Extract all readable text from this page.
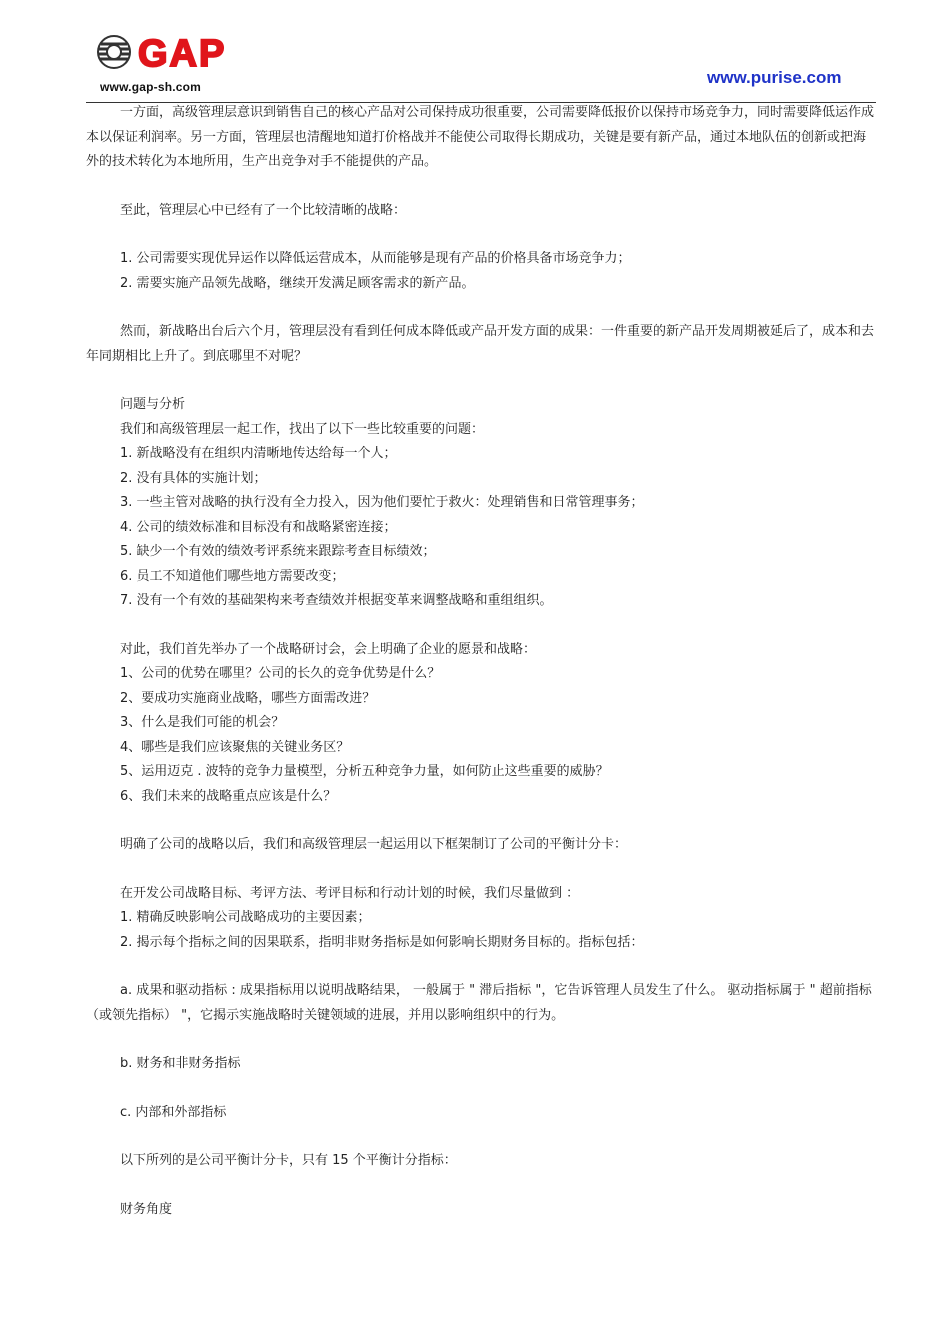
GAP
www.gap-sh.com	www.purise.com

一方面，高级管理层意识到销售自己的核心产品对公司保持成功很重要，公司需要降低报价以保持市场竞争力，同时需要降低运作成本以保证利润率。另一方面，管理层也清醒地知道打价格战并不能使公司取得长期成功，关键是要有新产品，通过本地队伍的创新或把海外的技术转化为本地所用，生产出竞争对手不能提供的产品。

至此，管理层心中已经有了一个比较清晰的战略：

1. 公司需要实现优异运作以降低运营成本，从而能够是现有产品的价格具备市场竞争力；

2. 需要实施产品领先战略，继续开发满足顾客需求的新产品。

然而，新战略出台后六个月，管理层没有看到任何成本降低或产品开发方面的成果：一件重要的新产品开发周期被延后了，成本和去年同期相比上升了。到底哪里不对呢？

问题与分析

我们和高级管理层一起工作，找出了以下一些比较重要的问题：

1. 新战略没有在组织内清晰地传达给每一个人；

2. 没有具体的实施计划；

3. 一些主管对战略的执行没有全力投入，因为他们要忙于救火：处理销售和日常管理事务；

4. 公司的绩效标准和目标没有和战略紧密连接；

5. 缺少一个有效的绩效考评系统来跟踪考查目标绩效；

6. 员工不知道他们哪些地方需要改变；

7. 没有一个有效的基础架构来考查绩效并根据变革来调整战略和重组组织。

对此，我们首先举办了一个战略研讨会，会上明确了企业的愿景和战略：

1、公司的优势在哪里？公司的长久的竞争优势是什么？

2、要成功实施商业战略，哪些方面需改进？

3、什么是我们可能的机会？

4、哪些是我们应该聚焦的关键业务区？

5、运用迈克 . 波特的竞争力量模型，分析五种竞争力量，如何防止这些重要的威胁？

6、我们未来的战略重点应该是什么？

明确了公司的战略以后，我们和高级管理层一起运用以下框架制订了公司的平衡计分卡：

在开发公司战略目标、考评方法、考评目标和行动计划的时候，我们尽量做到 ：

1. 精确反映影响公司战略成功的主要因素；

2. 揭示每个指标之间的因果联系，指明非财务指标是如何影响长期财务目标的。指标包括：

a. 成果和驱动指标 : 成果指标用以说明战略结果， 一般属于 " 滞后指标 "，它告诉管理人员发生了什么。 驱动指标属于 " 超前指标（或领先指标） "，它揭示实施战略时关键领域的进展，并用以影响组织中的行为。

b. 财务和非财务指标

c. 内部和外部指标

以下所列的是公司平衡计分卡，只有 15 个平衡计分指标：

财务角度
